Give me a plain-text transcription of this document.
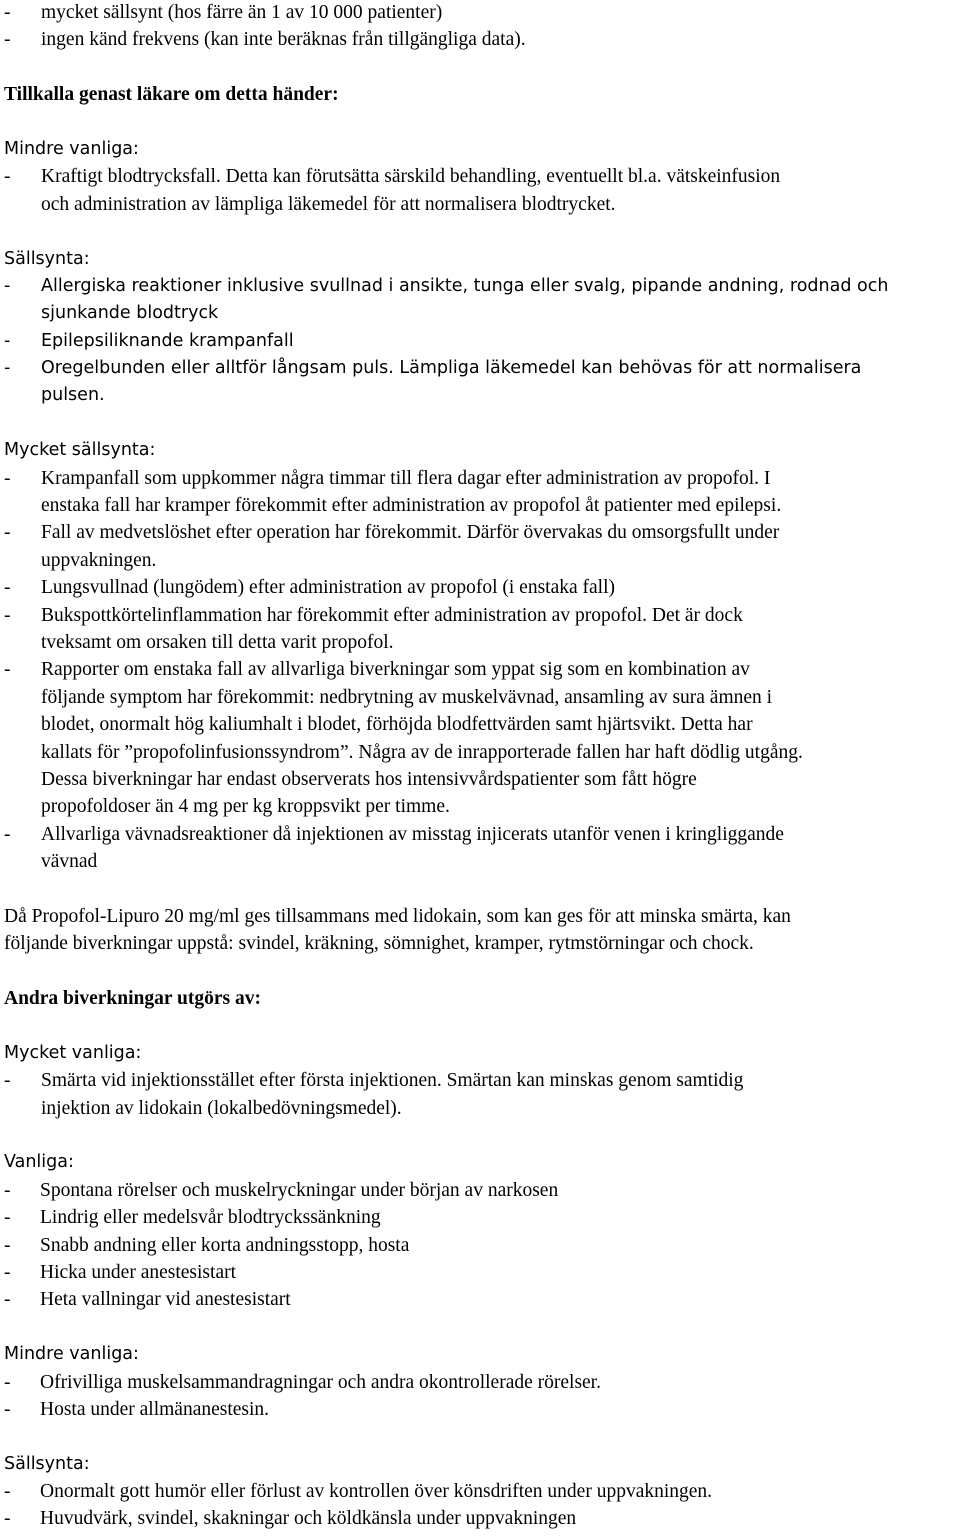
- mycket sällsynt (hos färre än 1 av 10 000 patienter)
- ingen känd frekvens (kan inte beräknas från tillgängliga data).
Tillkalla genast läkare om detta händer:
Mindre vanliga:
- Kraftigt blodtrycksfall. Detta kan förutsätta särskild behandling, eventuellt bl.a. vätskeinfusion
och administration av lämpliga läkemedel för att normalisera blodtrycket.
Sällsynta:
- Allergiska reaktioner inklusive svullnad i ansikte, tunga eller svalg, pipande andning, rodnad och
sjunkande blodtryck
- Epilepsiliknande krampanfall
- Oregelbunden eller alltför långsam puls. Lämpliga läkemedel kan behövas för att normalisera
pulsen.
Mycket sällsynta:
- Krampanfall som uppkommer några timmar till flera dagar efter administration av propofol. I
enstaka fall har kramper förekommit efter administration av propofol åt patienter med epilepsi.
- Fall av medvetslöshet efter operation har förekommit. Därför övervakas du omsorgsfullt under
uppvakningen.
- Lungsvullnad (lungödem) efter administration av propofol (i enstaka fall)
- Bukspottkörtelinflammation har förekommit efter administration av propofol. Det är dock
tveksamt om orsaken till detta varit propofol.
- Rapporter om enstaka fall av allvarliga biverkningar som yppat sig som en kombination av
följande symptom har förekommit: nedbrytning av muskelvävnad, ansamling av sura ämnen i
blodet, onormalt hög kaliumhalt i blodet, förhöjda blodfettvärden samt hjärtsvikt. Detta har
kallats för ”propofolinfusionssyndrom”. Några av de inrapporterade fallen har haft dödlig utgång.
Dessa biverkningar har endast observerats hos intensivvårdspatienter som fått högre
propofoldoser än 4 mg per kg kroppsvikt per timme.
- Allvarliga vävnadsreaktioner då injektionen av misstag injicerats utanför venen i kringliggande
vävnad
Då Propofol-Lipuro 20 mg/ml ges tillsammans med lidokain, som kan ges för att minska smärta, kan
följande biverkningar uppstå: svindel, kräkning, sömnighet, kramper, rytmstörningar och chock.
Andra biverkningar utgörs av:
Mycket vanliga:
- Smärta vid injektionsstället efter första injektionen. Smärtan kan minskas genom samtidig
injektion av lidokain (lokalbedövningsmedel).
Vanliga:
- Spontana rörelser och muskelryckningar under början av narkosen
- Lindrig eller medelsvår blodtryckssänkning
- Snabb andning eller korta andningsstopp, hosta
- Hicka under anestesistart
- Heta vallningar vid anestesistart
Mindre vanliga:
- Ofrivilliga muskelsammandragningar och andra okontrollerade rörelser.
- Hosta under allmänanestesin.
Sällsynta:
- Onormalt gott humör eller förlust av kontrollen över könsdriften under uppvakningen.
- Huvudvärk, svindel, skakningar och köldkänsla under uppvakningen
